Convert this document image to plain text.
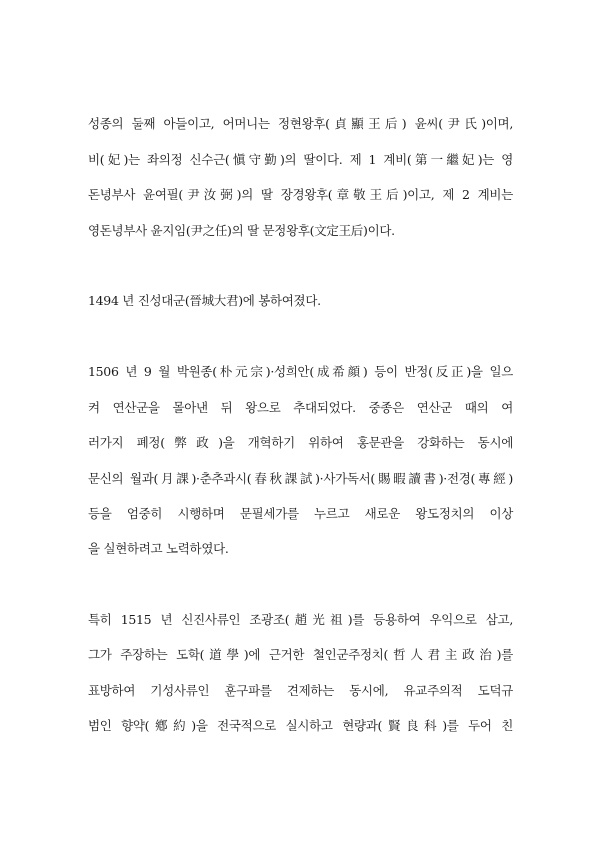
성종의 둘째 아들이고, 어머니는 정현왕후(貞顯王后) 윤씨(尹氏)이며,
비(妃)는 좌의정 신수근(愼守勤)의 딸이다. 제 1 계비(第一繼妃)는 영
돈녕부사 윤여필(尹汝弼)의 딸 장경왕후(章敬王后)이고, 제 2 계비는
영돈녕부사 윤지임(尹之任)의 딸 문정왕후(文定王后)이다.
1494 년 진성대군(晉城大君)에 봉하여졌다.
1506 년 9 월 박원종(朴元宗)·성희안(成希顔) 등이 반정(反正)을 일으
켜 연산군을 몰아낸 뒤 왕으로 추대되었다. 중종은 연산군 때의 여
러가지 폐정(弊政)을 개혁하기 위하여 홍문관을 강화하는 동시에
문신의 월과(月課)·춘추과시(春秋課試)·사가독서(賜暇讀書)·전경(專經)
등을 엄중히 시행하며 문필세가를 누르고 새로운 왕도정치의 이상
을 실현하려고 노력하였다.
특히 1515 년 신진사류인 조광조(趙光祖)를 등용하여 우익으로 삼고,
그가 주장하는 도학(道學)에 근거한 철인군주정치(哲人君主政治)를
표방하여 기성사류인 훈구파를 견제하는 동시에, 유교주의적 도덕규
범인 향약(鄕約)을 전국적으로 실시하고 현량과(賢良科)를 두어 친
